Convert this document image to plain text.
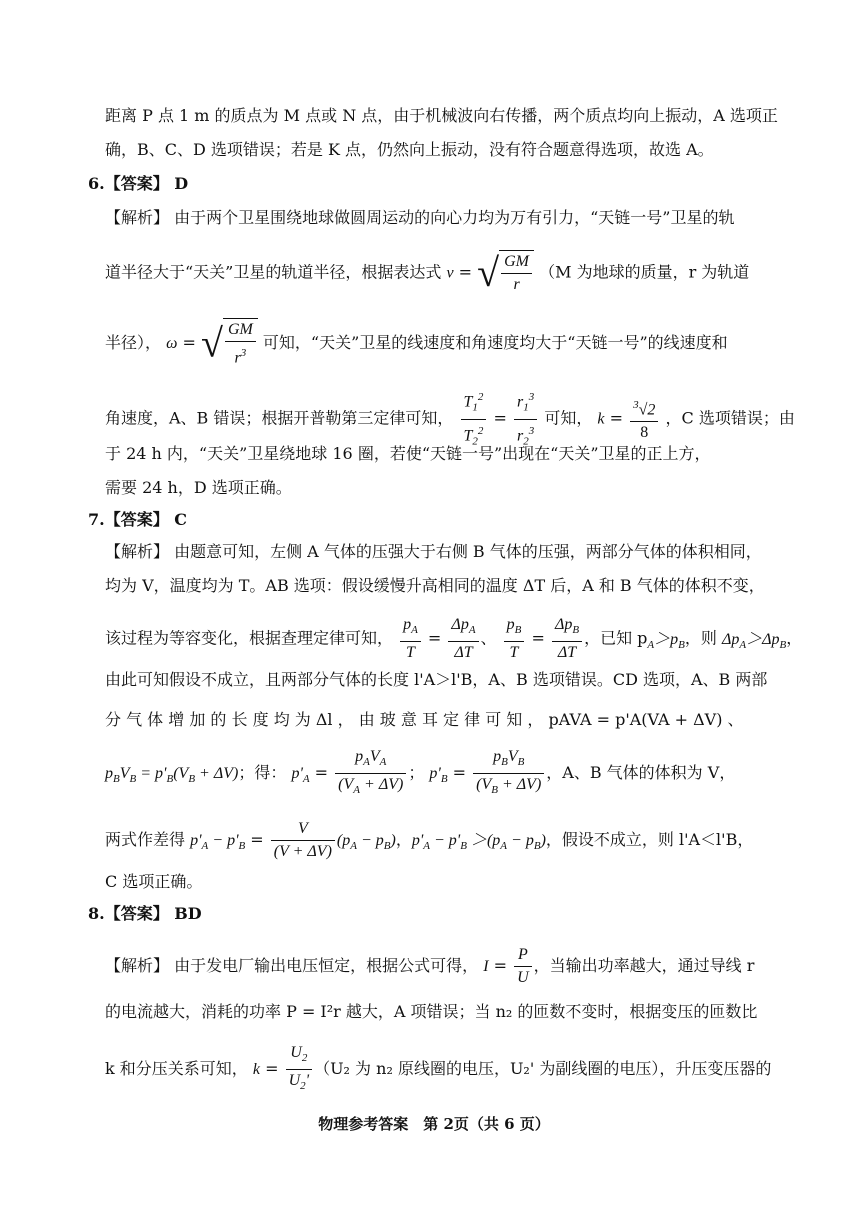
距离 P 点 1 m 的质点为 M 点或 N 点，由于机械波向右传播，两个质点均向上振动，A 选项正
确，B、C、D 选项错误；若是 K 点，仍然向上振动，没有符合题意得选项，故选 A。
6.【答案】 D
【解析】 由于两个卫星围绕地球做圆周运动的向心力均为万有引力，“天链一号”卫星的轨
道半径大于“天关”卫星的轨道半径，根据表达式 v = √ $\frac{GM}{r} (M$ 为地球的质量，r 为轨道
半径）， ω = √ $\frac{GM}{r^3}$ 可知，“天关”卫星的线速度和角速度均大于“天链一号”的线速度和
角速度，A、B 错误；根据开普勒第三定律可知， $\frac{T_1^2}{T_2^2} = \frac{r_1^3}{r_2^3}$ 可知， $k = \frac{^3√2}{8}$ ，C 选项错误；由
于 24 h 内，“天关”卫星绕地球 16 圈，若使“天链一号”出现在“天关”卫星的正上方，
需要 24 h，D 选项正确。
7.【答案】 C
【解析】 由题意可知，左侧 A 气体的压强大于右侧 B 气体的压强，两部分气体的体积相同，
均为 V，温度均为 T。AB 选项：假设缓慢升高相同的温度 ΔT 后，A 和 B 气体的体积不变，
该过程为等容变化，根据查理定律可知， $\frac{p_A}{T} = \frac{\Delta p_A}{\Delta T}$ 、 $\frac{p_B}{T} = \frac{\Delta p_B}{\Delta T}$ ，已知 $p_A>p_B$，则 $\Delta p_A>\Delta p_B$，
由此可知假设不成立，且两部分气体的长度 l'A＞l'B，A、B 选项错误。CD 选项，A、B 两部
分 气 体 增 加 的 长 度 均 为 Δl ， 由 玻 意 耳 定 律 可 知 ， pAVA = p'A(VA + ΔV) 、
$p_BV_B = p'_B(V_B + \Delta V)$；得： $p'_A = \frac{p_AV_A}{(V_A + \Delta V)}$ ； $p'_B = \frac{p_BV_B}{(V_B + \Delta V)}$ ，A、B 气体的体积为 V，
两式作差得 $p'_A - p'_B = \frac{V}{(V + \Delta V)} (p_A - p_B)$，$p'_A - p'_B >(p_A - p_B)$，假设不成立，则 l'A＜l'B，
C 选项正确。
8.【答案】 BD
【解析】 由于发电厂输出电压恒定，根据公式可得， $I = \frac{P}{U}$ ，当输出功率越大，通过导线 r
的电流越大，消耗的功率 P = I²r 越大，A 项错误；当 n₂ 的匝数不变时，根据变压的匝数比
k 和分压关系可知， $k = \frac{U_2}{U_2'} (U_2$ 为 n₂ 原线圈的电压，U₂' 为副线圈的电压），升压变压器的
物理参考答案　第 2页（共 6 页）
